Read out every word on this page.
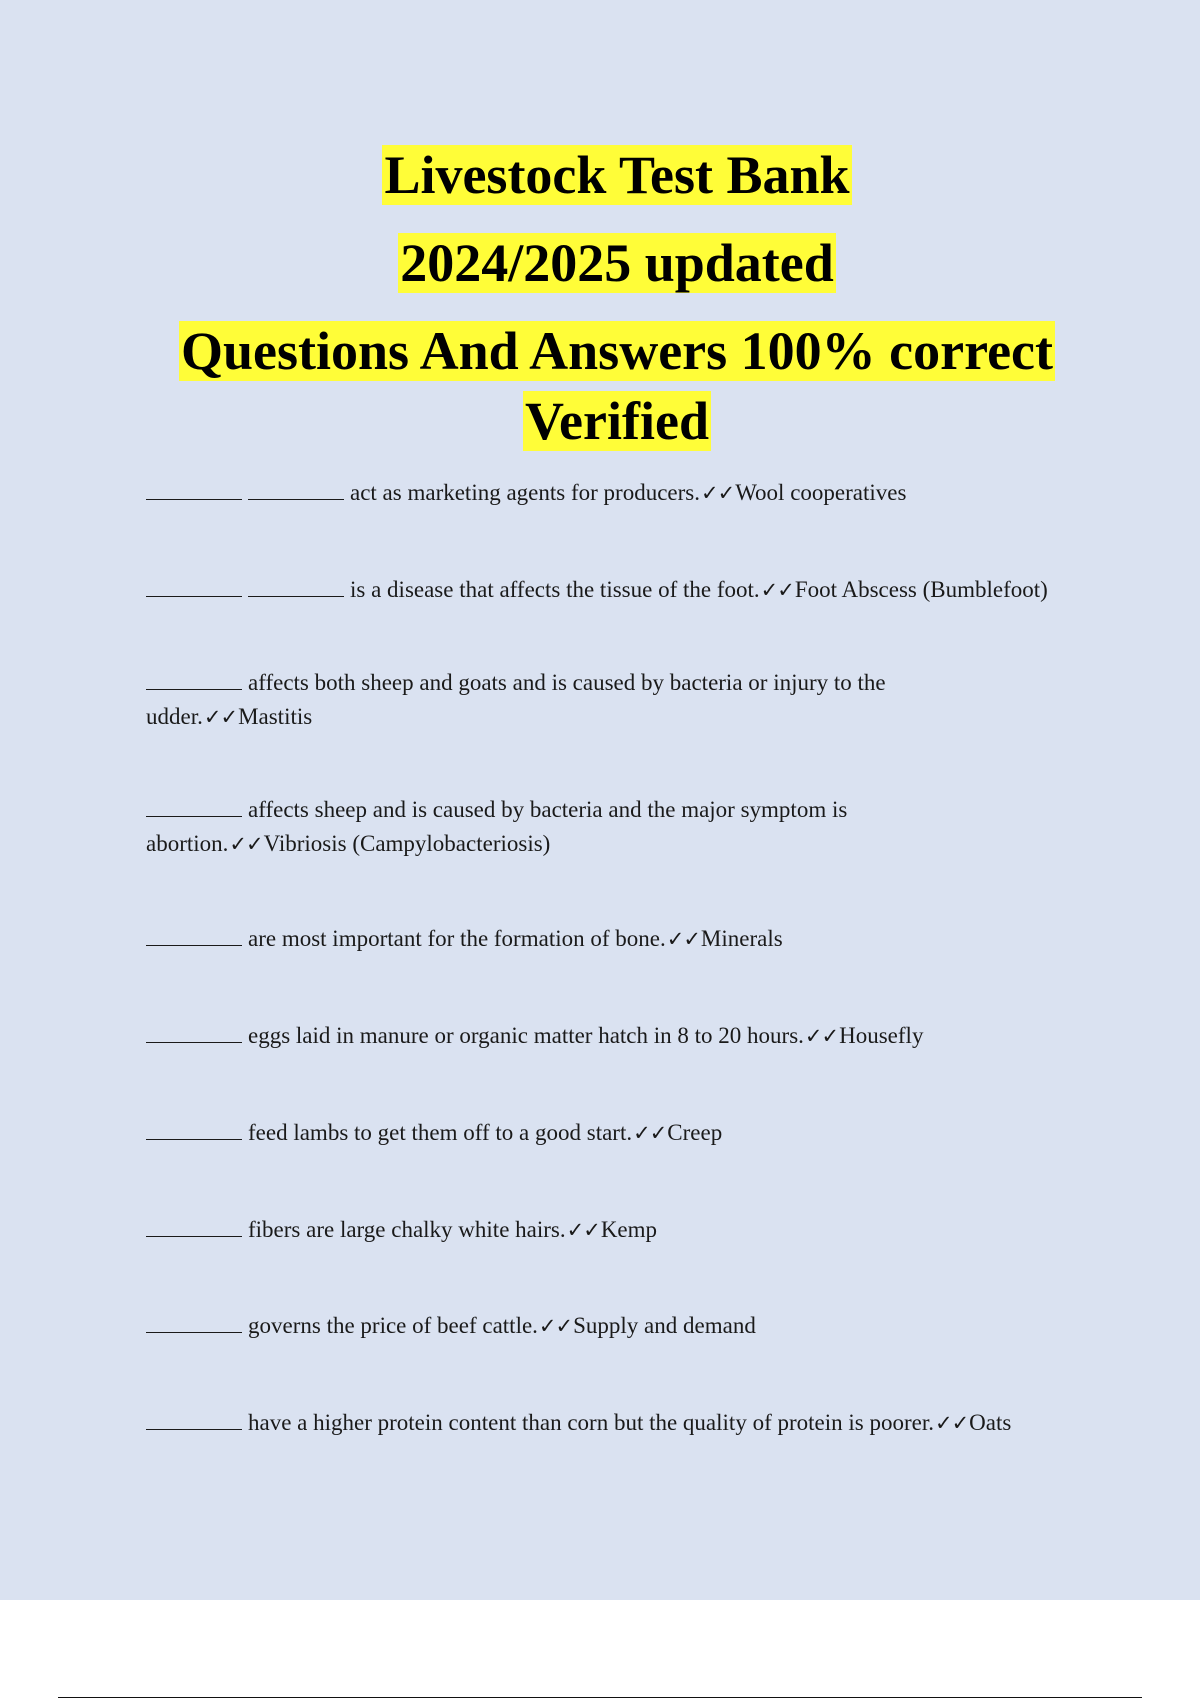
Livestock Test Bank
2024/2025 updated
Questions And Answers 100% correct
Verified
act as marketing agents for producers.✓✓Wool cooperatives
is a disease that affects the tissue of the foot.✓✓Foot Abscess (Bumblefoot)
affects both sheep and goats and is caused by bacteria or injury to the udder.✓✓Mastitis
affects sheep and is caused by bacteria and the major symptom is abortion.✓✓Vibriosis (Campylobacteriosis)
are most important for the formation of bone.✓✓Minerals
eggs laid in manure or organic matter hatch in 8 to 20 hours.✓✓Housefly
feed lambs to get them off to a good start.✓✓Creep
fibers are large chalky white hairs.✓✓Kemp
governs the price of beef cattle.✓✓Supply and demand
have a higher protein content than corn but the quality of protein is poorer.✓✓Oats
